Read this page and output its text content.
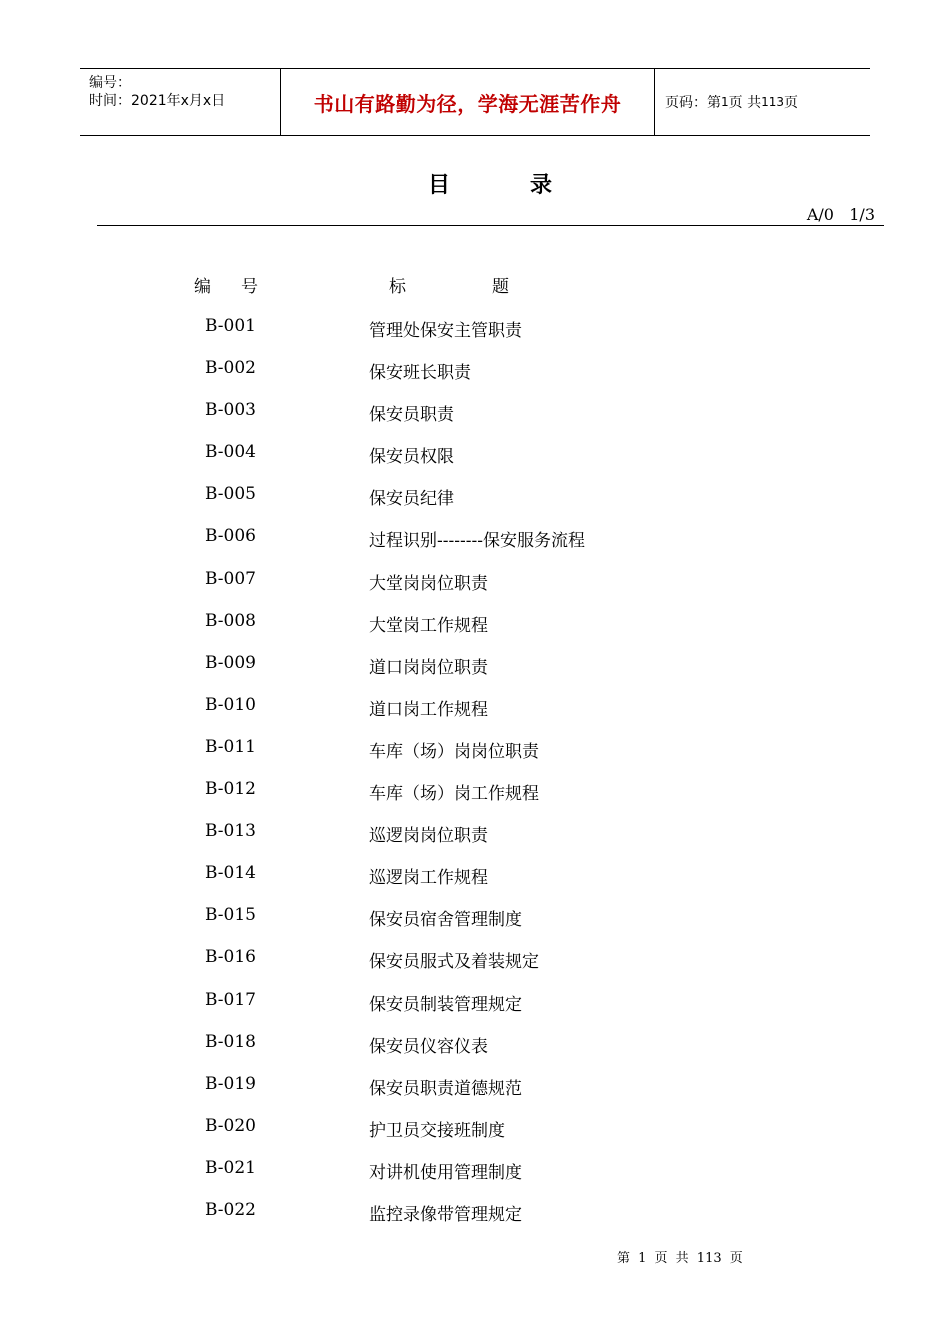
编号：
时间：2021年x月x日	书山有路勤为径，学海无涯苦作舟	页码：第 1 页 共 113 页
目录
A/0   1/3
编号	标题
B-001	管理处保安主管职责
B-002	保安班长职责
B-003	保安员职责
B-004	保安员权限
B-005	保安员纪律
B-006	过程识别--------保安服务流程
B-007	大堂岗岗位职责
B-008	大堂岗工作规程
B-009	道口岗岗位职责
B-010	道口岗工作规程
B-011	车库（场）岗岗位职责
B-012	车库（场）岗工作规程
B-013	巡逻岗岗位职责
B-014	巡逻岗工作规程
B-015	保安员宿舍管理制度
B-016	保安员服式及着装规定
B-017	保安员制装管理规定
B-018	保安员仪容仪表
B-019	保安员职责道德规范
B-020	护卫员交接班制度
B-021	对讲机使用管理制度
B-022	监控录像带管理规定
第 1 页 共 113 页
